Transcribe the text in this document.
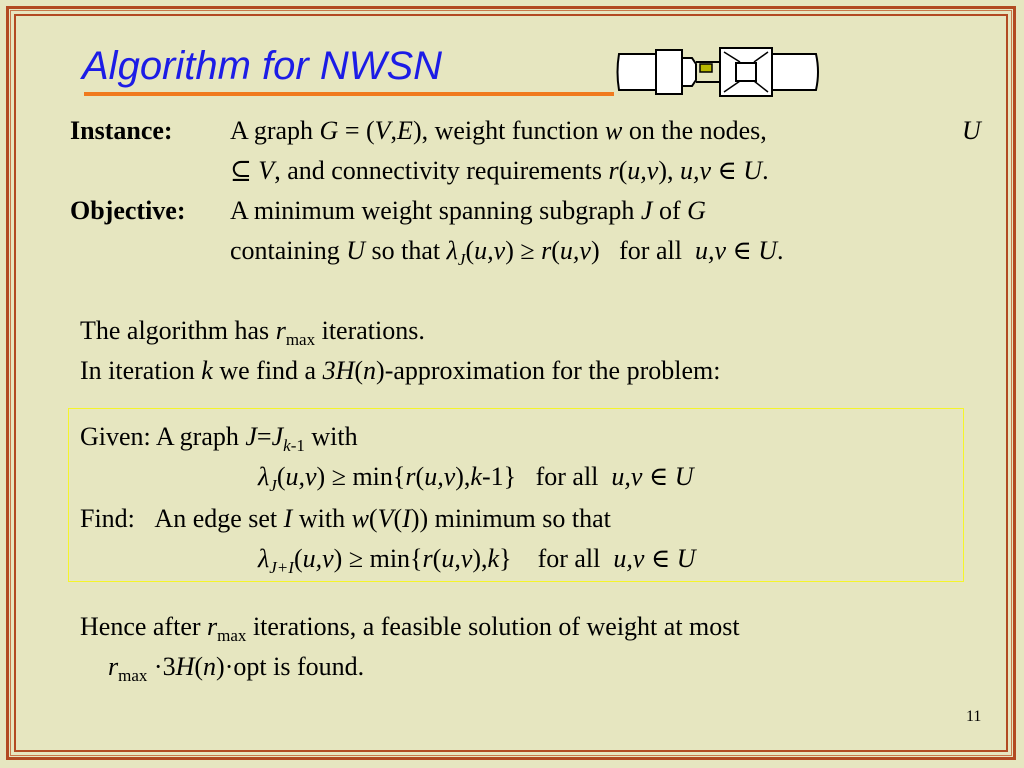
Algorithm for NWSN
Instance: A graph G = (V,E), weight function w on the nodes,	U
⊆ V, and connectivity requirements r(u,v), u,v ∈ U.
Objective: A minimum weight spanning subgraph J of G
containing U so that $\lambda_J(u,v) \ge r(u,v)$ for all  u,v ∈ U.
The algorithm has $r_{max}$ iterations.
In iteration k we find a 3H(n)-approximation for the problem:
Given: A graph $J=J_{k-1}$ with
$\lambda_J(u,v) \ge \min\{r(u,v),k-1\}$ for all  u,v ∈ U
Find: An edge set I with w(V(I)) minimum so that
$\lambda_{J+I}(u,v) \ge \min\{r(u,v),k\}$ for all  u,v ∈ U
Hence after $r_{max}$ iterations, a feasible solution of weight at most
$r_{max} \cdot 3H(n)\cdot opt$ is found.
11
